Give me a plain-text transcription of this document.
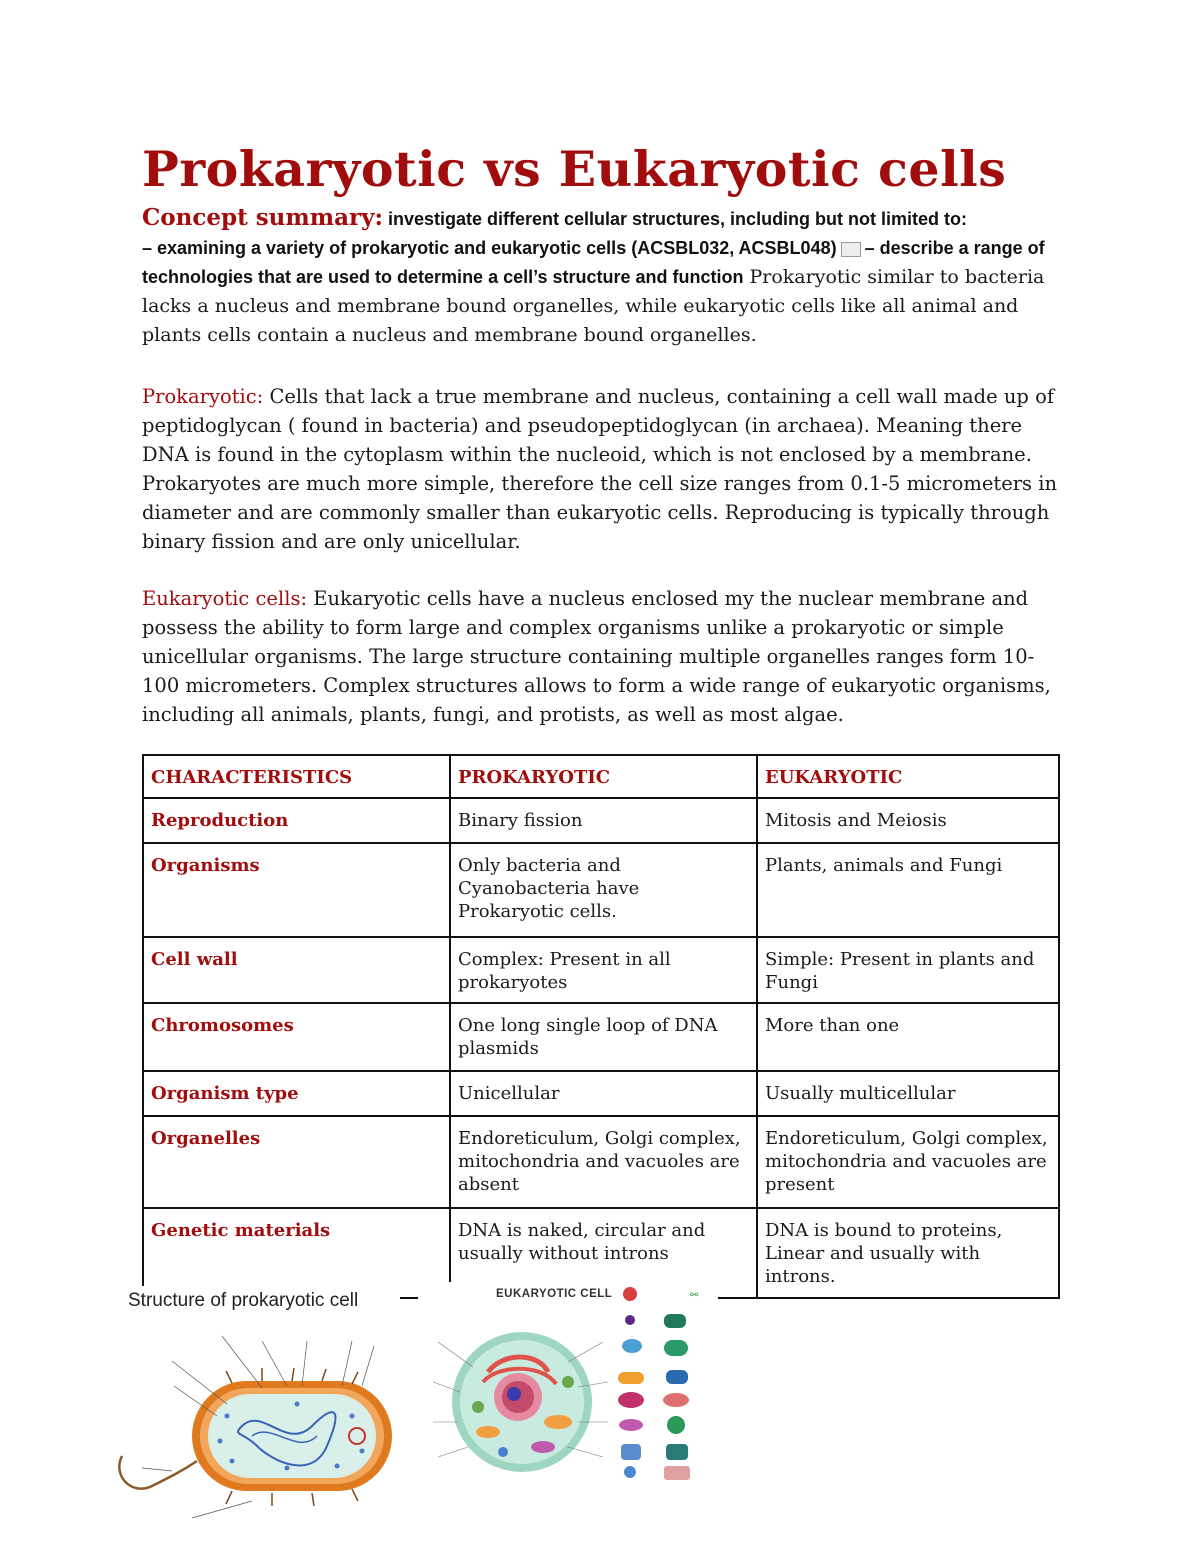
Prokaryotic vs Eukaryotic cells
Concept summary: investigate different cellular structures, including but not limited to:
– examining a variety of prokaryotic and eukaryotic cells (ACSBL032, ACSBL048) – describe a range of technologies that are used to determine a cell’s structure and function Prokaryotic similar to bacteria lacks a nucleus and membrane bound organelles, while eukaryotic cells like all animal and plants cells contain a nucleus and membrane bound organelles.

Prokaryotic: Cells that lack a true membrane and nucleus, containing a cell wall made up of peptidoglycan ( found in bacteria) and pseudopeptidoglycan (in archaea). Meaning there DNA is found in the cytoplasm within the nucleoid, which is not enclosed by a membrane. Prokaryotes are much more simple, therefore the cell size ranges from 0.1-5 micrometers in diameter and are commonly smaller than eukaryotic cells. Reproducing is typically through binary fission and are only unicellular.

Eukaryotic cells: Eukaryotic cells have a nucleus enclosed my the nuclear membrane and possess the ability to form large and complex organisms unlike a prokaryotic or simple unicellular organisms. The large structure containing multiple organelles ranges form 10-100 micrometers. Complex structures allows to form a wide range of eukaryotic organisms, including all animals, plants, fungi, and protists, as well as most algae.

CHARACTERISTICS	PROKARYOTIC	EUKARYOTIC
Reproduction	Binary fission	Mitosis and Meiosis
Organisms	Only bacteria and Cyanobacteria have Prokaryotic cells.	Plants, animals and Fungi
Cell wall	Complex: Present in all prokaryotes	Simple: Present in plants and Fungi
Chromosomes	One long single loop of DNA plasmids	More than one
Organism type	Unicellular	Usually multicellular
Organelles	Endoreticulum, Golgi complex, mitochondria and vacuoles are absent	Endoreticulum, Golgi complex, mitochondria and vacuoles are present
Genetic materials	DNA is naked, circular and usually without introns	DNA is bound to proteins, Linear and usually with introns.
Structure of prokaryotic cell	EUKARYOTIC CELL	⚯
